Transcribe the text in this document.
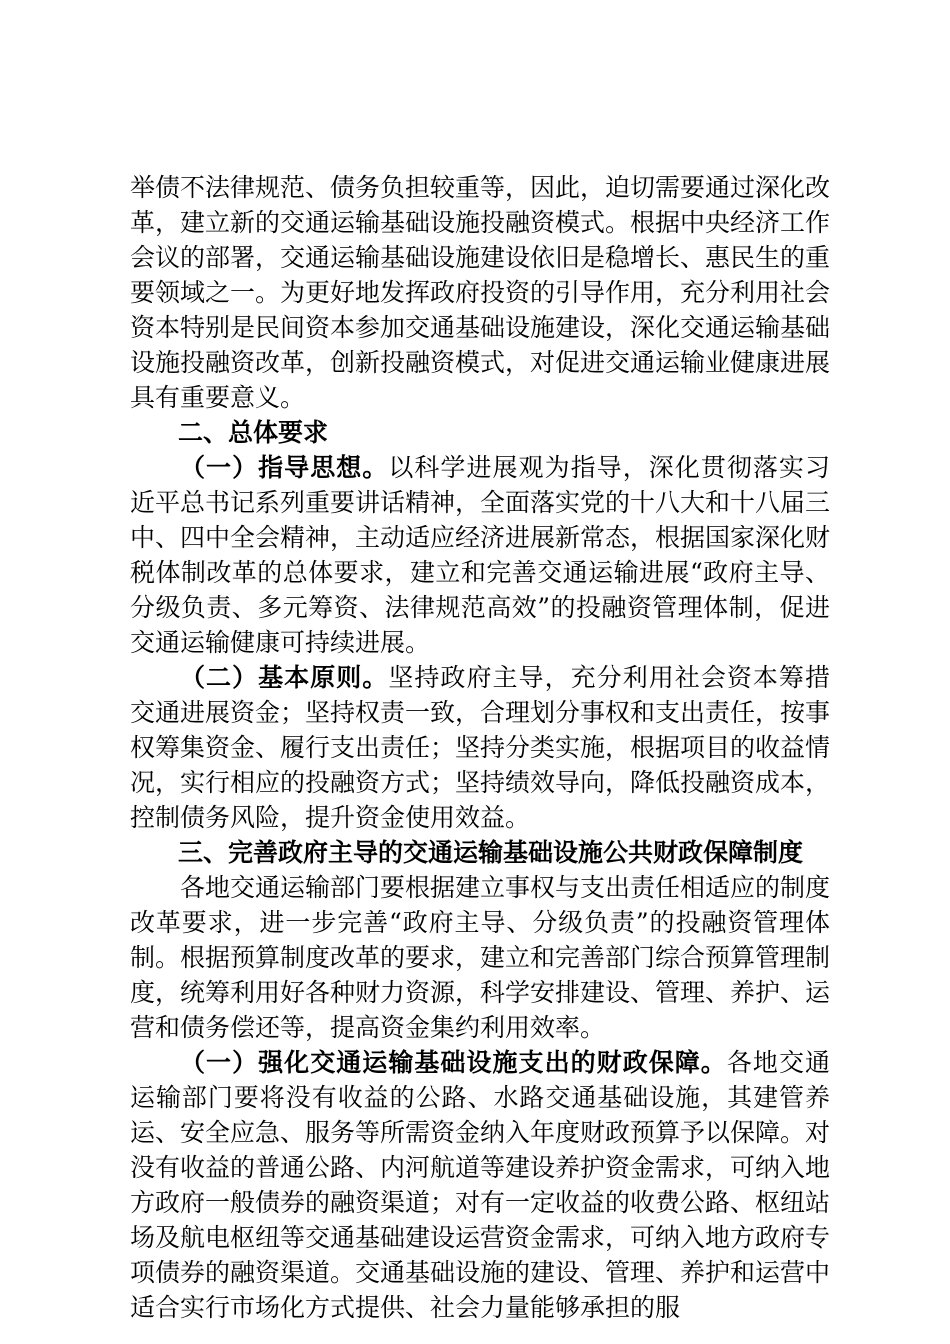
举债不法律规范、债务负担较重等，因此，迫切需要通过深化改革，建立新的交通运输基础设施投融资模式。根据中央经济工作会议的部署，交通运输基础设施建设依旧是稳增长、惠民生的重要领域之一。为更好地发挥政府投资的引导作用，充分利用社会资本特别是民间资本参加交通基础设施建设，深化交通运输基础设施投融资改革，创新投融资模式，对促进交通运输业健康进展具有重要意义。

二、总体要求

（一）指导思想。以科学进展观为指导，深化贯彻落实习近平总书记系列重要讲话精神，全面落实党的十八大和十八届三中、四中全会精神，主动适应经济进展新常态，根据国家深化财税体制改革的总体要求，建立和完善交通运输进展“政府主导、分级负责、多元筹资、法律规范高效”的投融资管理体制，促进交通运输健康可持续进展。

（二）基本原则。坚持政府主导，充分利用社会资本筹措交通进展资金；坚持权责一致，合理划分事权和支出责任，按事权筹集资金、履行支出责任；坚持分类实施，根据项目的收益情况，实行相应的投融资方式；坚持绩效导向，降低投融资成本，控制债务风险，提升资金使用效益。

三、完善政府主导的交通运输基础设施公共财政保障制度

各地交通运输部门要根据建立事权与支出责任相适应的制度改革要求，进一步完善“政府主导、分级负责”的投融资管理体制。根据预算制度改革的要求，建立和完善部门综合预算管理制度，统筹利用好各种财力资源，科学安排建设、管理、养护、运营和债务偿还等，提高资金集约利用效率。

（一）强化交通运输基础设施支出的财政保障。各地交通运输部门要将没有收益的公路、水路交通基础设施，其建管养运、安全应急、服务等所需资金纳入年度财政预算予以保障。对没有收益的普通公路、内河航道等建设养护资金需求，可纳入地方政府一般债券的融资渠道；对有一定收益的收费公路、枢纽站场及航电枢纽等交通基础建设运营资金需求，可纳入地方政府专项债券的融资渠道。交通基础设施的建设、管理、养护和运营中适合实行市场化方式提供、社会力量能够承担的服
